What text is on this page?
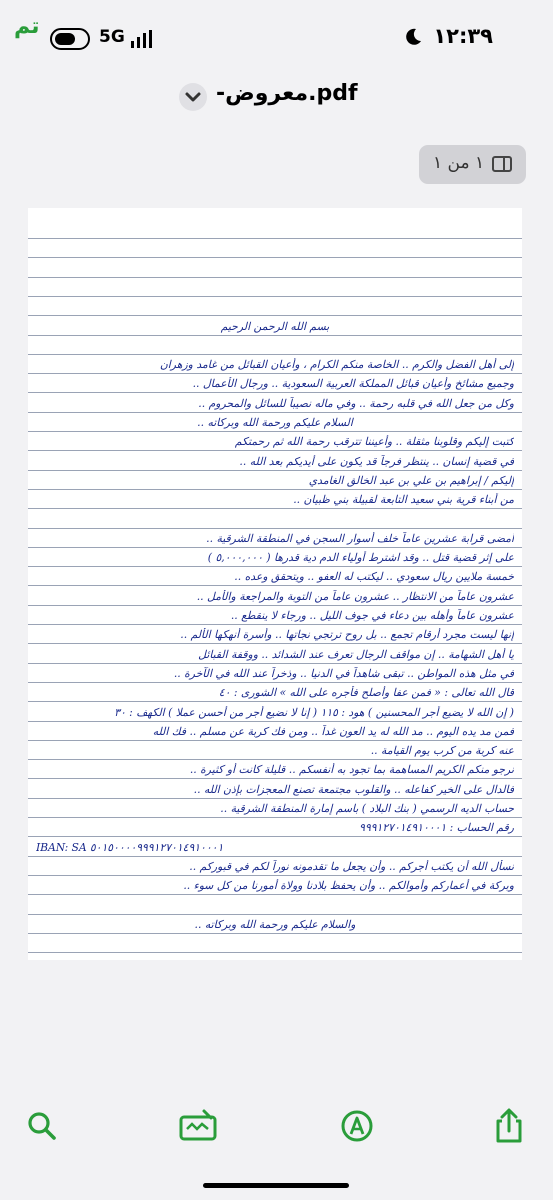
5G	١٢:٣٩
تم
pdf.معروض-
١ من ١
بسم الله الرحمن الرحيم
إلى أهل الفضل والكرم .. الخاصة منكم الكرام ، وأعيان القبائل من غامد وزهران
وجميع مشائخ وأعيان قبائل المملكة العربية السعودية .. ورجال الأعمال ..
وكل من جعل الله في قلبه رحمة .. وفي ماله نصيباً للسائل والمحروم ..
السلام عليكم ورحمة الله وبركاته ..
كتبت إليكم وقلوبنا مثقلة .. وأعيننا تترقب رحمة الله ثم رحمتكم
في قضية إنسان .. ينتظر فرجاً قد يكون على أيديكم بعد الله ..
إليكم / إبراهيم بن علي بن عبد الخالق الغامدي
من أبناء قرية بني سعيد التابعة لقبيلة بني ظبيان ..
أمضى قرابة عشرين عاماً خلف أسوار السجن في المنطقة الشرقية ..
على إثر قضية قتل .. وقد اشترط أولياء الدم دية قدرها ( ٥,٠٠٠,٠٠٠ )
خمسة ملايين ريال سعودي .. ليكتب له العفو .. ويتحقق وعده ..
عشرون عاماً من الانتظار .. عشرون عاماً من التوبة والمراجعة والأمل ..
عشرون عاماً وأهله بين دعاء في جوف الليل .. ورجاء لا ينقطع ..
إنها ليست مجرد أرقام تجمع .. بل روح ترتجي نجاتها .. وأسرة أنهكها الألم ..
يا أهل الشهامة .. إن مواقف الرجال تعرف عند الشدائد .. ووقفة القبائل
في مثل هذه المواطن .. تبقى شاهداً في الدنيا .. وذخراً عند الله في الآخرة ..
قال الله تعالى : « فمن عفا وأصلح فأجره على الله » الشورى : ٤٠
( إن الله لا يضيع أجر المحسنين ) هود : ١١٥ ( إنا لا نضيع أجر من أحسن عملا ) الكهف : ٣٠
فمن مد يده اليوم .. مد الله له يد العون غداً .. ومن فك كربة عن مسلم .. فك الله
عنه كربة من كرب يوم القيامة ..
نرجو منكم الكريم المساهمة بما تجود به أنفسكم .. قليلة كانت أو كثيرة ..
فالدال على الخير كفاعله .. والقلوب مجتمعة تصنع المعجزات بإذن الله ..
حساب الديه الرسمي ( بنك البلاد ) باسم إمارة المنطقة الشرقية ..
رقم الحساب : ٩٩٩١٢٧٠١٤٩١٠٠٠١
IBAN: SA ٥٠١٥٠٠٠٠٩٩٩١٢٧٠١٤٩١٠٠٠١
نسأل الله أن يكتب أجركم .. وأن يجعل ما تقدمونه نوراً لكم في قبوركم ..
وبركة في أعماركم وأموالكم .. وأن يحفظ بلادنا وولاة أمورنا من كل سوء ..
والسلام عليكم ورحمة الله وبركاته ..
